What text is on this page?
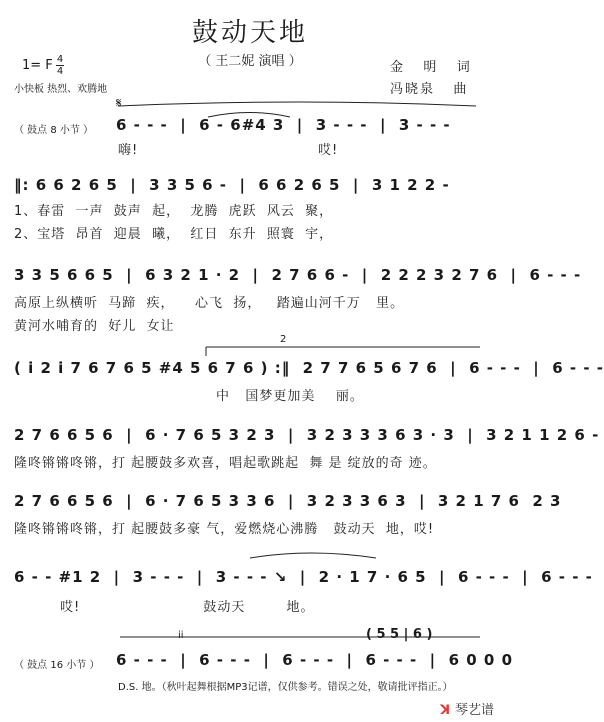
鼓动天地
（ 王二妮 演唱 ）
1= F 4
4
小快板 热烈、欢腾地
金   明   词
冯晓泉   曲
（ 鼓点 8 小节 ）
𝄋
6 - - -  |  6 - 6#4 3  |  3 - - -  |  3 - - -
嗨!	哎!
‖: 6 6 2 6 5  |  3 3 5 6 -  |  6 6 2 6 5  |  3 1 2 2 -
1、春雷  一声  鼓声  起，  龙腾  虎跃  风云  聚，
2、宝塔  昂首  迎晨  曦，  红日  东升  照寰  宇，
3 3 5 6 6 5  |  6 3 2 1 · 2  |  2 7 6 6 -  |  2 2 2 3 2 7 6  |  6 - - -
高原上纵横听  马蹄  疾，    心飞  扬，   踏遍山河千万   里。
黄河水哺育的  好儿  女让
2
( i 2 i 7 6 7 6 5 #4 5 6 7 6 ) :‖  2 7 7 6 5 6 7 6  |  6 - - -  |  6 - - -
中   国梦更加美    丽。
2 7 6 6 5 6  |  6 · 7 6 5 3 2 3  |  3 2 3 3 3 6 3 · 3  |  3 2 1 1 2 6 -
隆咚锵锵咚锵，打 起腰鼓多欢喜，唱起歌跳起  舞 是 绽放的奇 迹。
2 7 6 6 5 6  |  6 · 7 6 5 3 3 6  |  3 2 3 3 6 3  |  3 2 1 7 6  2 3
隆咚锵锵咚锵，打 起腰鼓多豪 气，爱燃烧心沸腾   鼓动天  地，哎!
6 - - #1 2  |  3 - - -  |  3 - - - ↘  |  2 · 1 7 · 6 5  |  6 - - -  |  6 - - -
哎!                        鼓动天        地。
ii	( 5 5 | 6 )
（ 鼓点 16 小节 ） 6 - - -  |  6 - - -  |  6 - - -  |  6 - - -  |  6 0 0 0
D.S. 地。（秋叶起舞根据MP3记谱，仅供参考。错误之处，敬请批评指正。）
ꓘ 琴艺谱
